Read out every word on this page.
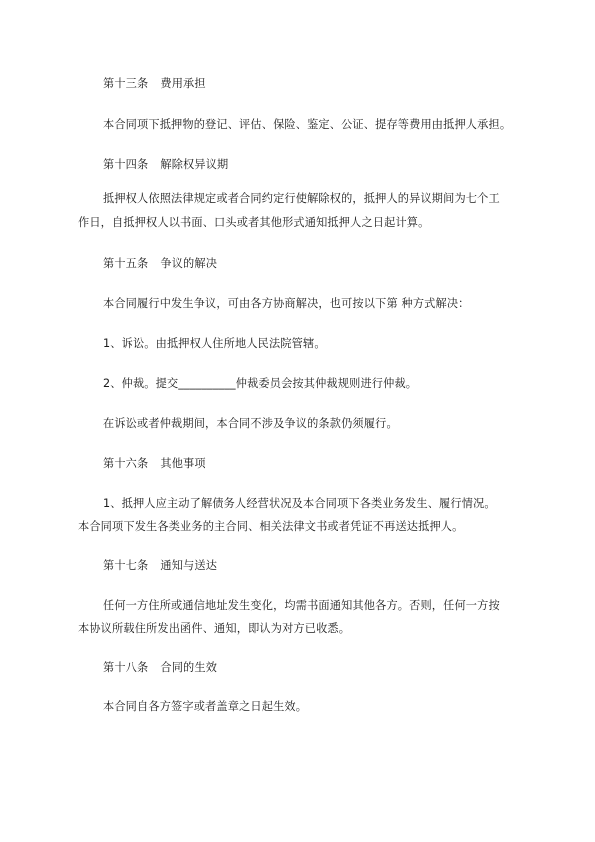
第十三条 费用承担
本合同项下抵押物的登记、评估、保险、鉴定、公证、提存等费用由抵押人承担。
第十四条 解除权异议期
抵押权人依照法律规定或者合同约定行使解除权的，抵押人的异议期间为七个工
作日，自抵押权人以书面、口头或者其他形式通知抵押人之日起计算。
第十五条 争议的解决
本合同履行中发生争议，可由各方协商解决，也可按以下第 种方式解决：
1、诉讼。由抵押权人住所地人民法院管辖。
2、仲裁。提交__________仲裁委员会按其仲裁规则进行仲裁。
在诉讼或者仲裁期间，本合同不涉及争议的条款仍须履行。
第十六条 其他事项
1、抵押人应主动了解债务人经营状况及本合同项下各类业务发生、履行情况。
本合同项下发生各类业务的主合同、相关法律文书或者凭证不再送达抵押人。
第十七条 通知与送达
任何一方住所或通信地址发生变化，均需书面通知其他各方。否则，任何一方按
本协议所载住所发出函件、通知，即认为对方已收悉。
第十八条 合同的生效
本合同自各方签字或者盖章之日起生效。
